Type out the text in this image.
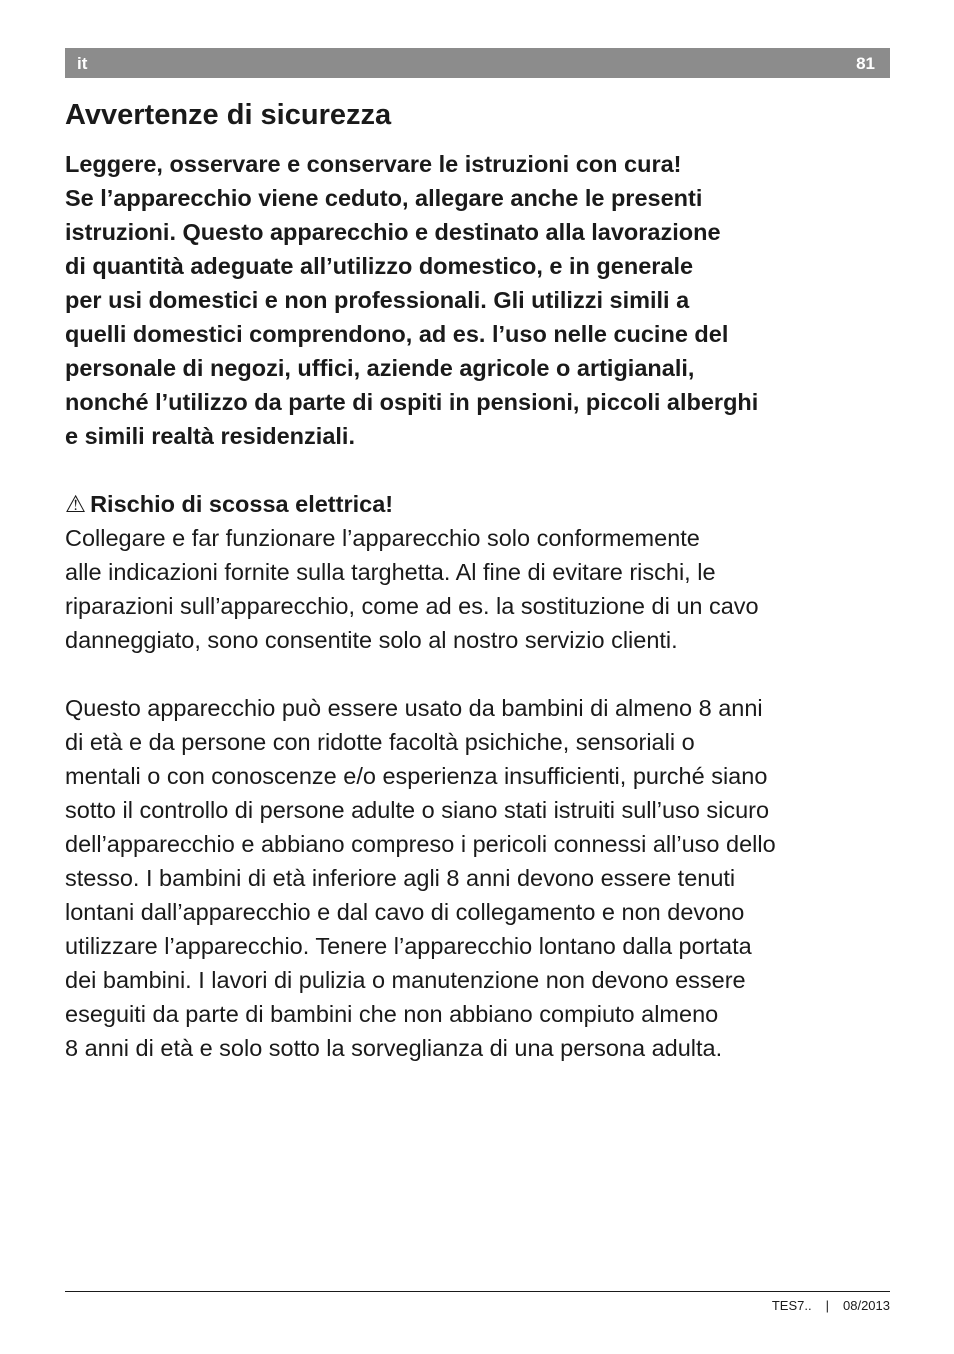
it	81
Avvertenze di sicurezza

Leggere, osservare e conservare le istruzioni con cura!
Se l’apparecchio viene ceduto, allegare anche le presenti
istruzioni. Questo apparecchio e destinato alla lavorazione
di quantità adeguate all’utilizzo domestico, e in generale
per usi domestici e non professionali. Gli utilizzi simili a
quelli domestici comprendono, ad es. l’uso nelle cucine del
personale di negozi, uffici, aziende agricole o artigianali,
nonché l’utilizzo da parte di ospiti in pensioni, piccoli alberghi
e simili realtà residenziali.

⚠ Rischio di scossa elettrica!

Collegare e far funzionare l’apparecchio solo conformemente
alle indicazioni fornite sulla targhetta. Al fine di evitare rischi, le
riparazioni sull’apparecchio, come ad es. la sostituzione di un cavo
danneggiato, sono consentite solo al nostro servizio clienti.

Questo apparecchio può essere usato da bambini di almeno 8 anni
di età e da persone con ridotte facoltà psichiche, sensoriali o
mentali o con conoscenze e/o esperienza insufficienti, purché siano
sotto il controllo di persone adulte o siano stati istruiti sull’uso sicuro
dell’apparecchio e abbiano compreso i pericoli connessi all’uso dello
stesso. I bambini di età inferiore agli 8 anni devono essere tenuti
lontani dall’apparecchio e dal cavo di collegamento e non devono
utilizzare l’apparecchio. Tenere l’apparecchio lontano dalla portata
dei bambini. I lavori di pulizia o manutenzione non devono essere
eseguiti da parte di bambini che non abbiano compiuto almeno
8 anni di età e solo sotto la sorveglianza di una persona adulta.

TES7.. | 08/2013
